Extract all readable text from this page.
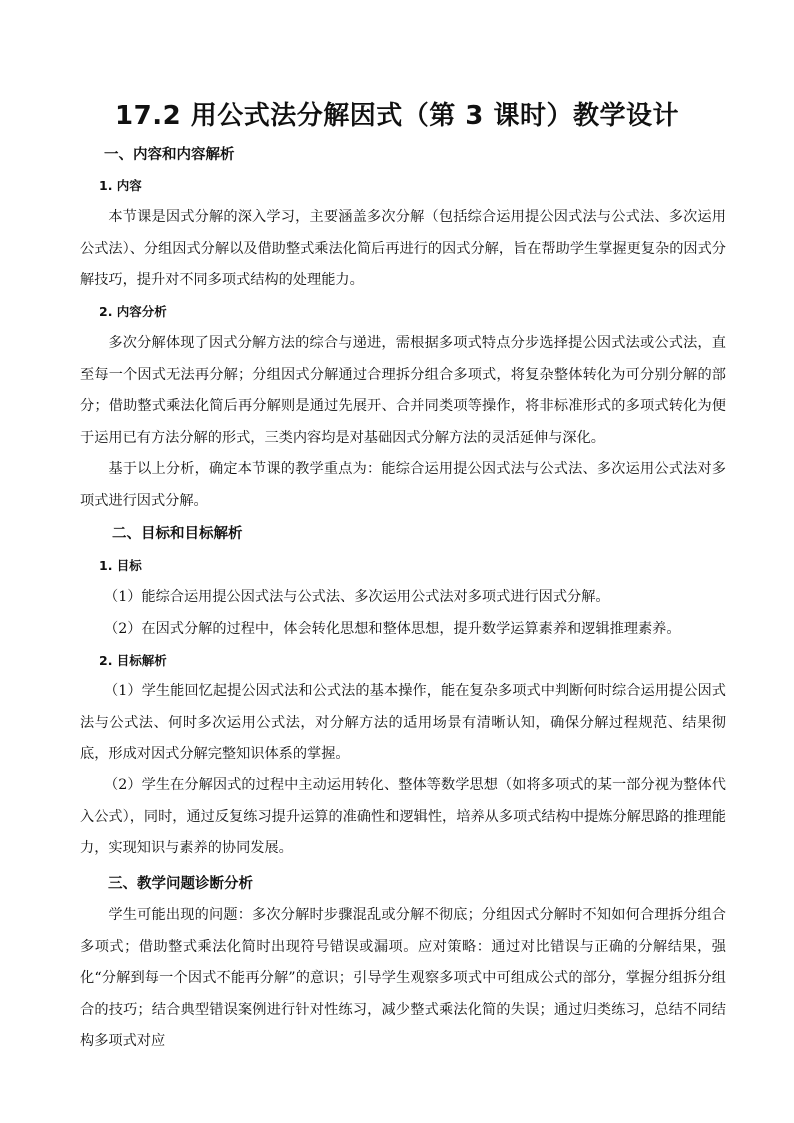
17.2 用公式法分解因式（第 3 课时）教学设计
一、内容和内容解析
1. 内容

本节课是因式分解的深入学习，主要涵盖多次分解（包括综合运用提公因式法与公式法、多次运用公式法）、分组因式分解以及借助整式乘法化简后再进行的因式分解，旨在帮助学生掌握更复杂的因式分解技巧，提升对不同多项式结构的处理能力。

2. 内容分析

多次分解体现了因式分解方法的综合与递进，需根据多项式特点分步选择提公因式法或公式法，直至每一个因式无法再分解；分组因式分解通过合理拆分组合多项式，将复杂整体转化为可分别分解的部分；借助整式乘法化简后再分解则是通过先展开、合并同类项等操作，将非标准形式的多项式转化为便于运用已有方法分解的形式，三类内容均是对基础因式分解方法的灵活延伸与深化。

基于以上分析，确定本节课的教学重点为：能综合运用提公因式法与公式法、多次运用公式法对多项式进行因式分解。

二、目标和目标解析
1. 目标

（1）能综合运用提公因式法与公式法、多次运用公式法对多项式进行因式分解。

（2）在因式分解的过程中，体会转化思想和整体思想，提升数学运算素养和逻辑推理素养。

2. 目标解析

（1）学生能回忆起提公因式法和公式法的基本操作，能在复杂多项式中判断何时综合运用提公因式法与公式法、何时多次运用公式法，对分解方法的适用场景有清晰认知，确保分解过程规范、结果彻底，形成对因式分解完整知识体系的掌握。

（2）学生在分解因式的过程中主动运用转化、整体等数学思想（如将多项式的某一部分视为整体代入公式），同时，通过反复练习提升运算的准确性和逻辑性，培养从多项式结构中提炼分解思路的推理能力，实现知识与素养的协同发展。

三、教学问题诊断分析

学生可能出现的问题：多次分解时步骤混乱或分解不彻底；分组因式分解时不知如何合理拆分组合多项式；借助整式乘法化简时出现符号错误或漏项。应对策略：通过对比错误与正确的分解结果，强化“分解到每一个因式不能再分解”的意识；引导学生观察多项式中可组成公式的部分，掌握分组拆分组合的技巧；结合典型错误案例进行针对性练习，减少整式乘法化简的失误；通过归类练习，总结不同结构多项式对应
